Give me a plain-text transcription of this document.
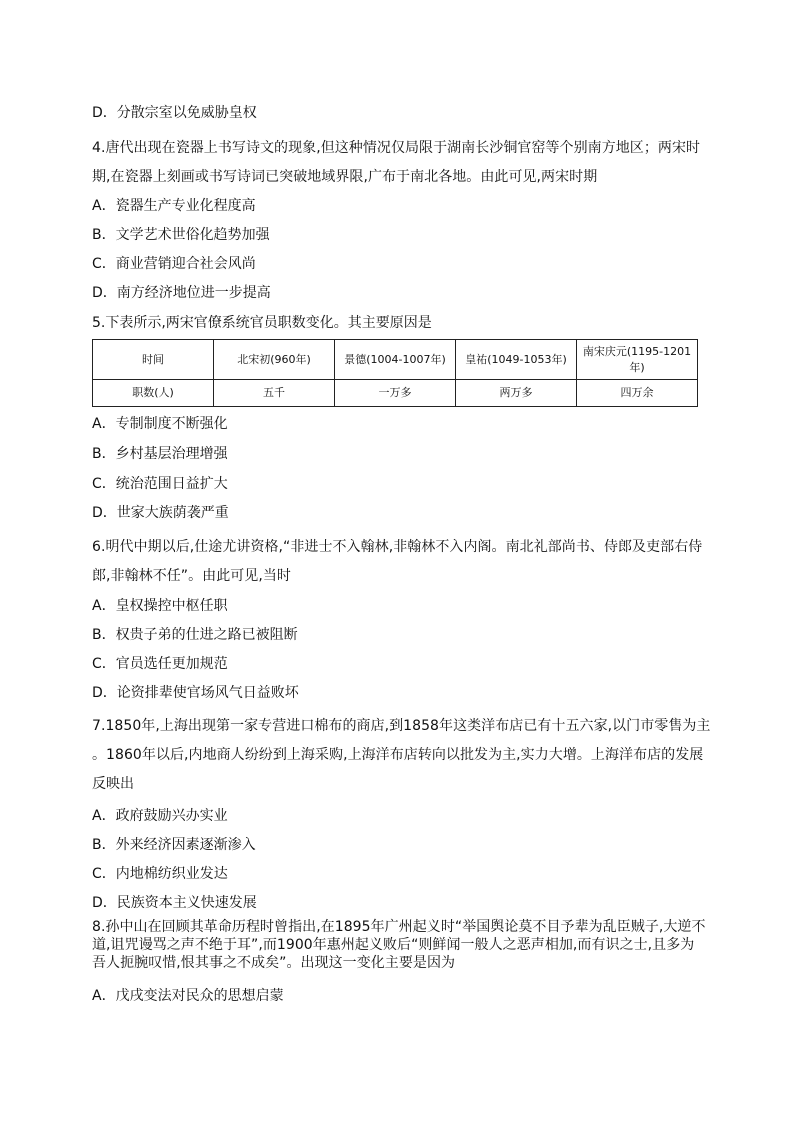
D．分散宗室以免威胁皇权
4.唐代出现在瓷器上书写诗文的现象,但这种情况仅局限于湖南长沙铜官窑等个别南方地区；两宋时
期,在瓷器上刻画或书写诗词已突破地域界限,广布于南北各地。由此可见,两宋时期
A．瓷器生产专业化程度高
B．文学艺术世俗化趋势加强
C．商业营销迎合社会风尚
D．南方经济地位进一步提高
5.下表所示,两宋官僚系统官员职数变化。其主要原因是
时间	北宋初(960年)	景德(1004-1007年)	皇祐(1049-1053年)	南宋庆元(1195-1201年)
职数(人)	五千	一万多	两万多	四万余
A．专制制度不断强化
B．乡村基层治理增强
C．统治范围日益扩大
D．世家大族荫袭严重
6.明代中期以后,仕途尤讲资格,“非进士不入翰林,非翰林不入内阁。南北礼部尚书、侍郎及吏部右侍
郎,非翰林不任”。由此可见,当时
A．皇权操控中枢任职
B．权贵子弟的仕进之路已被阻断
C．官员选任更加规范
D．论资排辈使官场风气日益败坏
7.1850年,上海出现第一家专营进口棉布的商店,到1858年这类洋布店已有十五六家,以门市零售为主
。1860年以后,内地商人纷纷到上海采购,上海洋布店转向以批发为主,实力大增。上海洋布店的发展
反映出
A．政府鼓励兴办实业
B．外来经济因素逐渐渗入
C．内地棉纺织业发达
D．民族资本主义快速发展
8.孙中山在回顾其革命历程时曾指出,在1895年广州起义时“举国舆论莫不目予辈为乱臣贼子,大逆不
道,诅咒谩骂之声不绝于耳”,而1900年惠州起义败后“则鲜闻一般人之恶声相加,而有识之士,且多为
吾人扼腕叹惜,恨其事之不成矣”。出现这一变化主要是因为
A．戊戌变法对民众的思想启蒙
